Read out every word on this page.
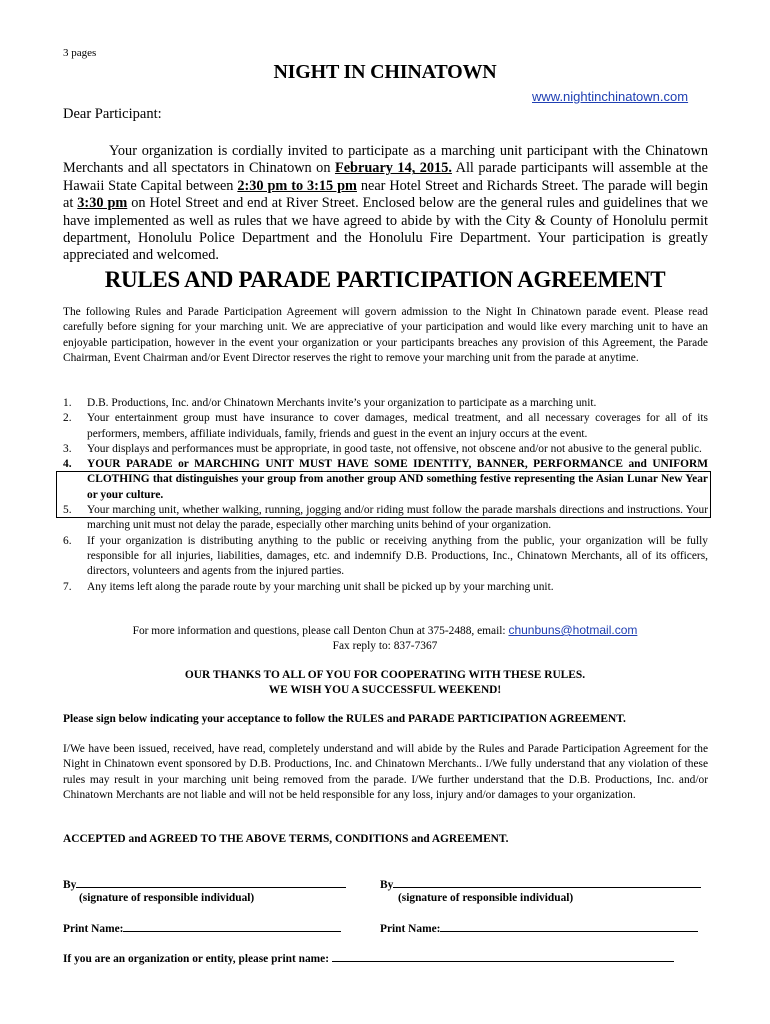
3 pages
NIGHT IN CHINATOWN
www.nightinchinatown.com
Dear Participant:

Your organization is cordially invited to participate as a marching unit participant with the Chinatown Merchants and all spectators in Chinatown on February 14, 2015. All parade participants will assemble at the Hawaii State Capital between 2:30 pm to 3:15 pm near Hotel Street and Richards Street. The parade will begin at 3:30 pm on Hotel Street and end at River Street. Enclosed below are the general rules and guidelines that we have implemented as well as rules that we have agreed to abide by with the City & County of Honolulu permit department, Honolulu Police Department and the Honolulu Fire Department. Your participation is greatly appreciated and welcomed.

RULES AND PARADE PARTICIPATION AGREEMENT
The following Rules and Parade Participation Agreement will govern admission to the Night In Chinatown parade event. Please read carefully before signing for your marching unit. We are appreciative of your participation and would like every marching unit to have an enjoyable participation, however in the event your organization or your participants breaches any provision of this Agreement, the Parade Chairman, Event Chairman and/or Event Director reserves the right to remove your marching unit from the parade at anytime.
1. D.B. Productions, Inc. and/or Chinatown Merchants invite’s your organization to participate as a marching unit.
2. Your entertainment group must have insurance to cover damages, medical treatment, and all necessary coverages for all of its performers, members, affiliate individuals, family, friends and guest in the event an injury occurs at the event.
3. Your displays and performances must be appropriate, in good taste, not offensive, not obscene and/or not abusive to the general public.
4. YOUR PARADE or MARCHING UNIT MUST HAVE SOME IDENTITY, BANNER, PERFORMANCE and UNIFORM CLOTHING that distinguishes your group from another group AND something festive representing the Asian Lunar New Year or your culture.
5. Your marching unit, whether walking, running, jogging and/or riding must follow the parade marshals directions and instructions. Your marching unit must not delay the parade, especially other marching units behind of your organization.
6. If your organization is distributing anything to the public or receiving anything from the public, your organization will be fully responsible for all injuries, liabilities, damages, etc. and indemnify D.B. Productions, Inc., Chinatown Merchants, all of its officers, directors, volunteers and agents from the injured parties.
7. Any items left along the parade route by your marching unit shall be picked up by your marching unit.
For more information and questions, please call Denton Chun at 375-2488, email: chunbuns@hotmail.com
Fax reply to: 837-7367
OUR THANKS TO ALL OF YOU FOR COOPERATING WITH THESE RULES.
WE WISH YOU A SUCCESSFUL WEEKEND!
Please sign below indicating your acceptance to follow the RULES and PARADE PARTICIPATION AGREEMENT.
I/We have been issued, received, have read, completely understand and will abide by the Rules and Parade Participation Agreement for the Night in Chinatown event sponsored by D.B. Productions, Inc. and Chinatown Merchants.. I/We fully understand that any violation of these rules may result in your marching unit being removed from the parade. I/We further understand that the D.B. Productions, Inc. and/or Chinatown Merchants are not liable and will not be held responsible for any loss, injury and/or damages to your organization.
ACCEPTED and AGREED TO THE ABOVE TERMS, CONDITIONS and AGREEMENT.
By	By
(signature of responsible individual)	(signature of responsible individual)
Print Name:	Print Name:
If you are an organization or entity, please print name:
